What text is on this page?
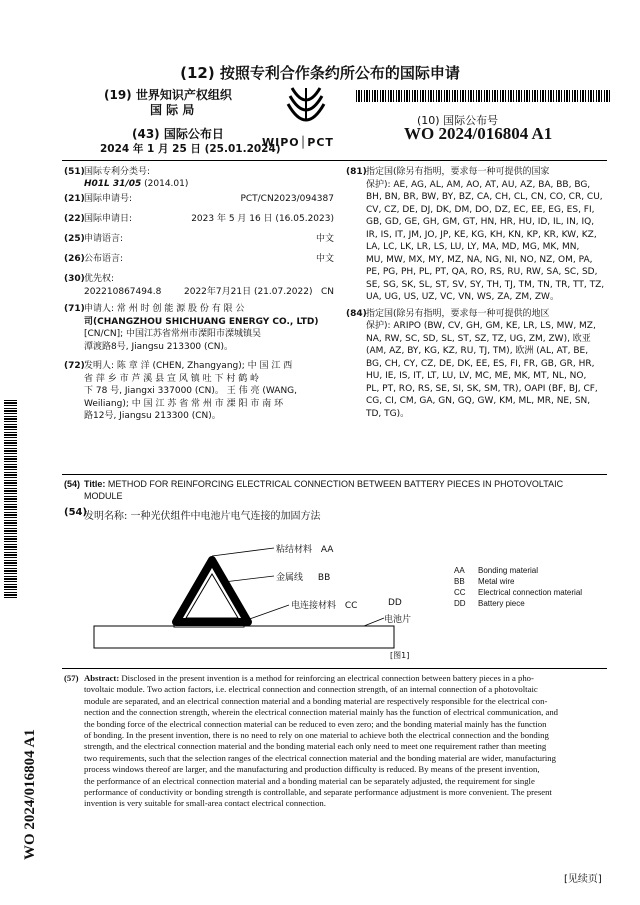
(12) 按照专利合作条约所公布的国际申请
(19) 世界知识产权组织
国 际 局
(43) 国际公布日
2024 年 1 月 25 日 (25.01.2024)
WIPO│PCT
(10) 国际公布号
WO 2024/016804 A1
(51) 国际专利分类号:
H01L 31/05 (2014.01)
(21) 国际申请号:	PCT/CN2023/094387
(22) 国际申请日:	2023 年 5 月 16 日 (16.05.2023)
(25) 申请语言:	中文
(26) 公布语言:	中文
(30) 优先权:
202210867494.8	2022年7月21日 (21.07.2022) CN
(71) 申请人: 常 州 时 创 能 源 股 份 有 限 公
司(CHANGZHOU SHICHUANG ENERGY CO., LTD)
[CN/CN]; 中国江苏省常州市溧阳市溧城镇吴
潭渡路8号, Jiangsu 213300 (CN)。
(72) 发明人: 陈 章 洋 (CHEN, Zhangyang); 中 国 江 西
省 萍 乡 市 芦 溪 县 宣 风 镇 吐 下 村 鹤 岭
下 78 号, Jiangxi 337000 (CN)。 王 伟 亮 (WANG,
Weiliang); 中 国 江 苏 省 常 州 市 溧 阳 市 南 环
路12号, Jiangsu 213300 (CN)。
(81) 指定国(除另有指明，要求每一种可提供的国家
保护): AE, AG, AL, AM, AO, AT, AU, AZ, BA, BB, BG,
BH, BN, BR, BW, BY, BZ, CA, CH, CL, CN, CO, CR, CU,
CV, CZ, DE, DJ, DK, DM, DO, DZ, EC, EE, EG, ES, FI,
GB, GD, GE, GH, GM, GT, HN, HR, HU, ID, IL, IN, IQ,
IR, IS, IT, JM, JO, JP, KE, KG, KH, KN, KP, KR, KW, KZ,
LA, LC, LK, LR, LS, LU, LY, MA, MD, MG, MK, MN,
MU, MW, MX, MY, MZ, NA, NG, NI, NO, NZ, OM, PA,
PE, PG, PH, PL, PT, QA, RO, RS, RU, RW, SA, SC, SD,
SE, SG, SK, SL, ST, SV, SY, TH, TJ, TM, TN, TR, TT, TZ,
UA, UG, US, UZ, VC, VN, WS, ZA, ZM, ZW。
(84) 指定国(除另有指明，要求每一种可提供的地区
保护): ARIPO (BW, CV, GH, GM, KE, LR, LS, MW, MZ,
NA, RW, SC, SD, SL, ST, SZ, TZ, UG, ZM, ZW), 欧亚
(AM, AZ, BY, KG, KZ, RU, TJ, TM), 欧洲 (AL, AT, BE,
BG, CH, CY, CZ, DE, DK, EE, ES, FI, FR, GB, GR, HR,
HU, IE, IS, IT, LT, LU, LV, MC, ME, MK, MT, NL, NO,
PL, PT, RO, RS, SE, SI, SK, SM, TR), OAPI (BF, BJ, CF,
CG, CI, CM, GA, GN, GQ, GW, KM, ML, MR, NE, SN,
TD, TG)。
WO 2024/016804 A1
(54) Title: METHOD FOR REINFORCING ELECTRICAL CONNECTION BETWEEN BATTERY PIECES IN PHOTOVOLTAIC
MODULE
(54)
发明名称: 一种光伏组件中电池片电气连接的加固方法
粘结材料 AA
金属线 BB
电连接材料 CC	DD
电池片
[图1]
AA Bonding material
BB Metal wire
CC Electrical connection material
DD Battery piece
(57) Abstract: Disclosed in the present invention is a method for reinforcing an electrical connection between battery pieces in a pho-
tovoltaic module. Two action factors, i.e. electrical connection and connection strength, of an internal connection of a photovoltaic
module are separated, and an electrical connection material and a bonding material are respectively responsible for the electrical con-
nection and the connection strength, wherein the electrical connection material mainly has the function of electrical communication, and
the bonding force of the electrical connection material can be reduced to even zero; and the bonding material mainly has the function
of bonding. In the present invention, there is no need to rely on one material to achieve both the electrical connection and the bonding
strength, and the electrical connection material and the bonding material each only need to meet one requirement rather than meeting
two requirements, such that the selection ranges of the electrical connection material and the bonding material are wider, manufacturing
process windows thereof are larger, and the manufacturing and production difficulty is reduced. By means of the present invention,
the performance of an electrical connection material and a bonding material can be separately adjusted, the requirement for single
performance of conductivity or bonding strength is controllable, and separate performance adjustment is more convenient. The present
invention is very suitable for small-area contact electrical connection.
[见续页]
